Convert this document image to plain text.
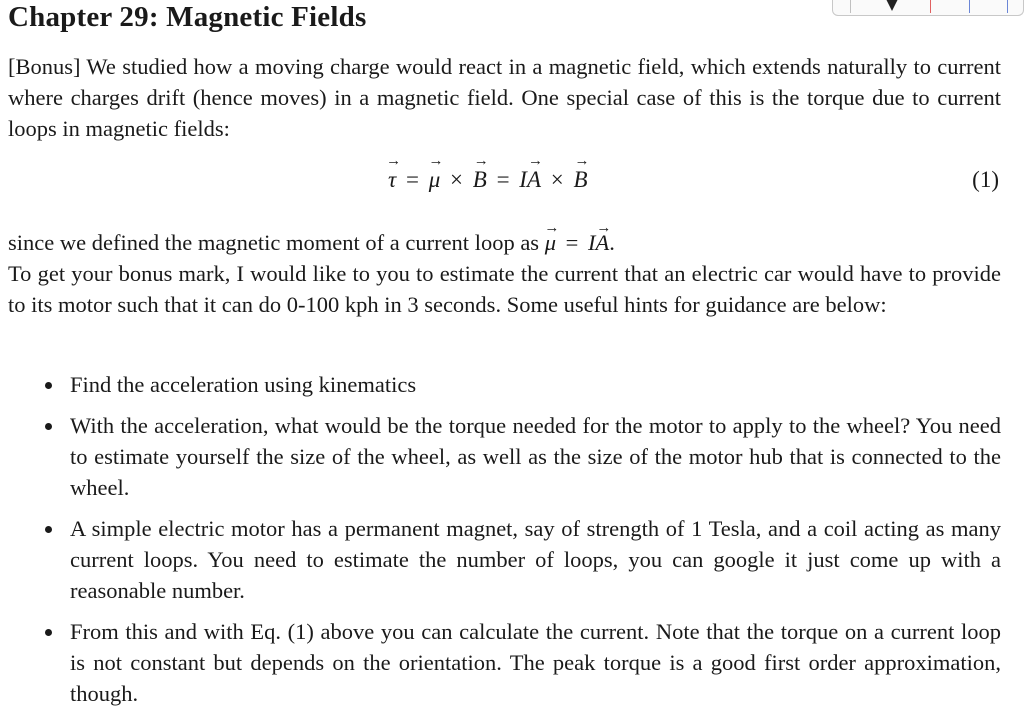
Chapter 29: Magnetic Fields
[Bonus] We studied how a moving charge would react in a magnetic field, which extends naturally to current where charges drift (hence moves) in a magnetic field. One special case of this is the torque due to current loops in magnetic fields:
τ → = μ → × B → = IA → × B →	(1)
since we defined the magnetic moment of a current loop as μ → = IA →.
To get your bonus mark, I would like to you to estimate the current that an electric car would have to provide to its motor such that it can do 0-100 kph in 3 seconds. Some useful hints for guidance are below:
Find the acceleration using kinematics
With the acceleration, what would be the torque needed for the motor to apply to the wheel? You need to estimate yourself the size of the wheel, as well as the size of the motor hub that is connected to the wheel.
A simple electric motor has a permanent magnet, say of strength of 1 Tesla, and a coil acting as many current loops. You need to estimate the number of loops, you can google it just come up with a reasonable number.
From this and with Eq. (1) above you can calculate the current. Note that the torque on a current loop is not constant but depends on the orientation. The peak torque is a good first order approximation, though.
